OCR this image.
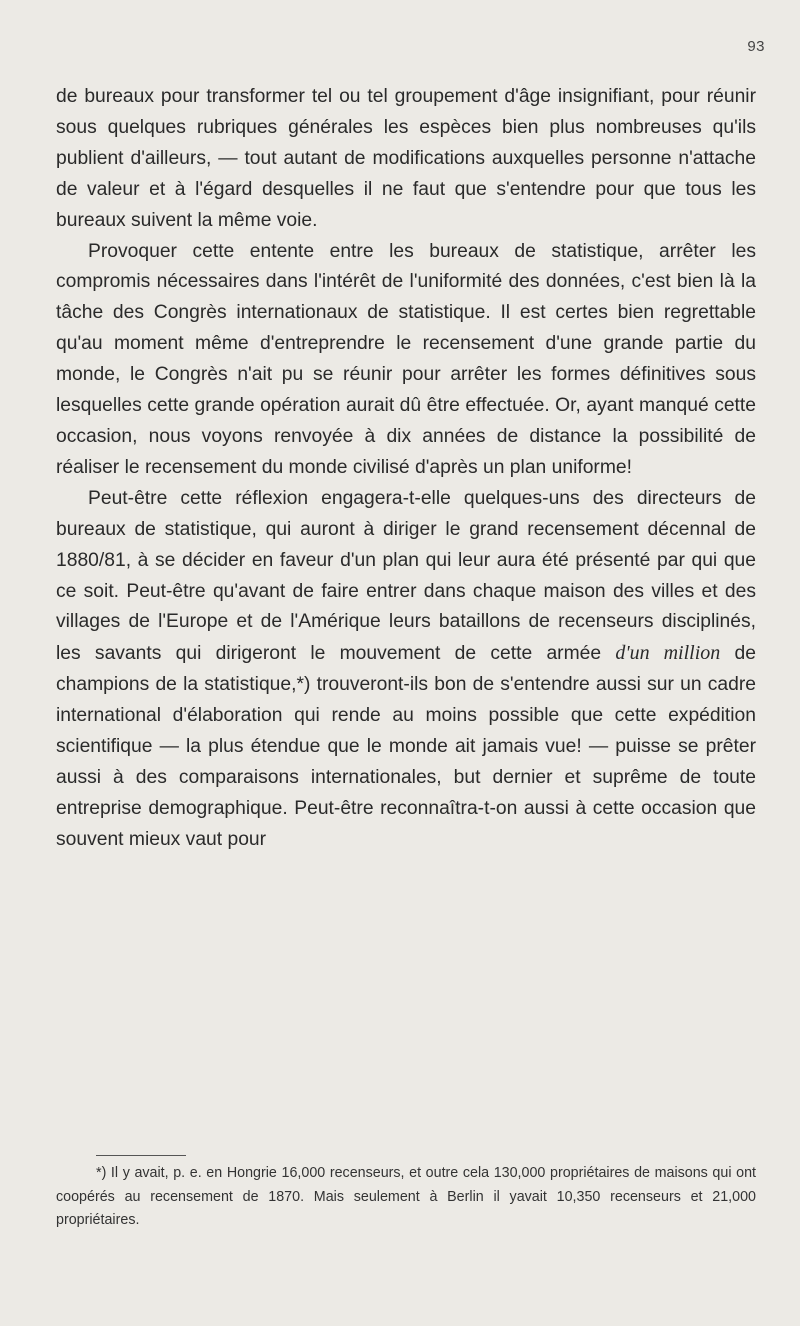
93

de bureaux pour transformer tel ou tel groupement d'âge insignifiant, pour réunir sous quelques rubriques générales les espèces bien plus nombreuses qu'ils publient d'ailleurs, — tout autant de modifications auxquelles personne n'attache de valeur et à l'égard desquelles il ne faut que s'entendre pour que tous les bureaux suivent la même voie.

Provoquer cette entente entre les bureaux de statistique, arrêter les compromis nécessaires dans l'intérêt de l'uniformité des données, c'est bien là la tâche des Congrès internationaux de statistique. Il est certes bien regrettable qu'au moment même d'entreprendre le recensement d'une grande partie du monde, le Congrès n'ait pu se réunir pour arrêter les formes définitives sous lesquelles cette grande opération aurait dû être effectuée. Or, ayant manqué cette occasion, nous voyons renvoyée à dix années de distance la possibilité de réaliser le recensement du monde civilisé d'après un plan uniforme!

Peut-être cette réflexion engagera-t-elle quelques-uns des directeurs de bureaux de statistique, qui auront à diriger le grand recensement décennal de 1880/81, à se décider en faveur d'un plan qui leur aura été présenté par qui que ce soit. Peut-être qu'avant de faire entrer dans chaque maison des villes et des villages de l'Europe et de l'Amérique leurs bataillons de recenseurs disciplinés, les savants qui dirigeront le mouvement de cette armée d'un million de champions de la statistique,*) trouveront-ils bon de s'entendre aussi sur un cadre international d'élaboration qui rende au moins possible que cette expédition scientifique — la plus étendue que le monde ait jamais vue! — puisse se prêter aussi à des comparaisons internationales, but dernier et suprême de toute entreprise demographique. Peut-être reconnaîtra-t-on aussi à cette occasion que souvent mieux vaut pour

*) Il y avait, p. e. en Hongrie 16,000 recenseurs, et outre cela 130,000 propriétaires de maisons qui ont coopérés au recensement de 1870. Mais seulement à Berlin il yavait 10,350 recenseurs et 21,000 propriétaires.
